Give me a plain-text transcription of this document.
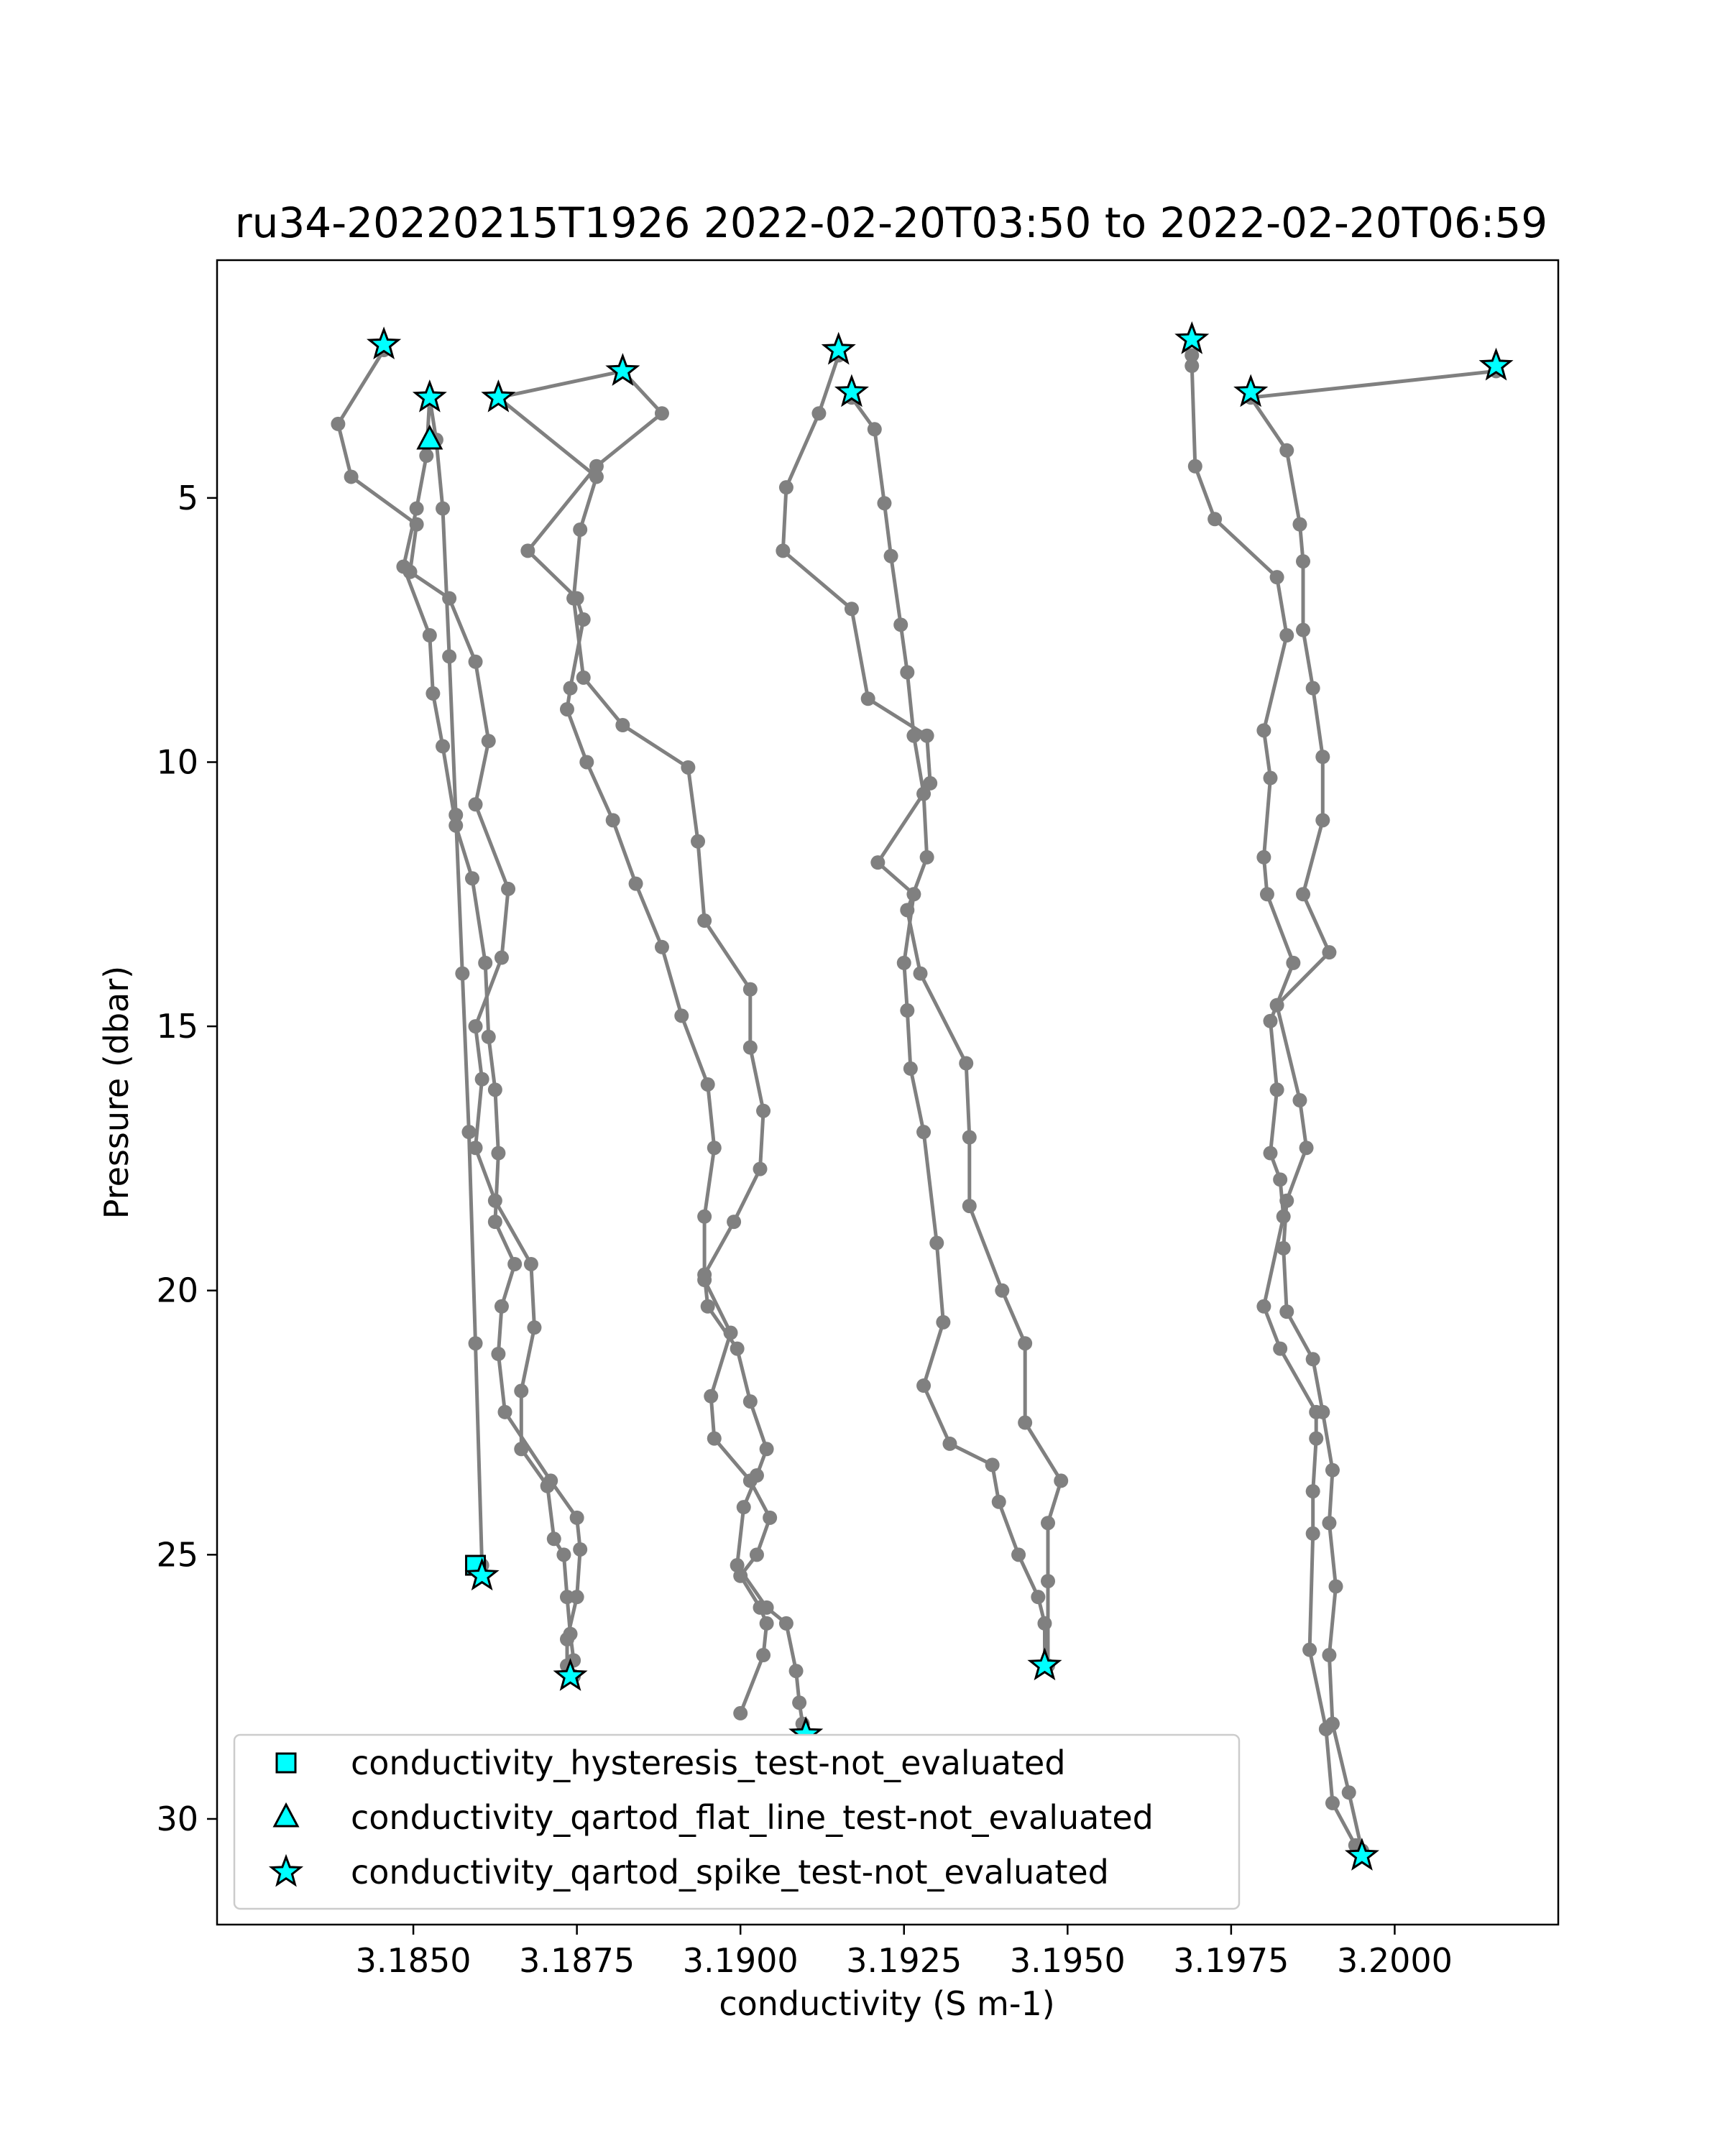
ru34-20220215T1926 2022-02-20T03:50 to 2022-02-20T06:59
3.1850 3.1875 3.1900 3.1925 3.1950 3.1975 3.2000
5
10
15
20
25
30
conductivity (S m-1)
Pressure (dbar)
conductivity_hysteresis_test-not_evaluated
conductivity_qartod_flat_line_test-not_evaluated
conductivity_qartod_spike_test-not_evaluated
